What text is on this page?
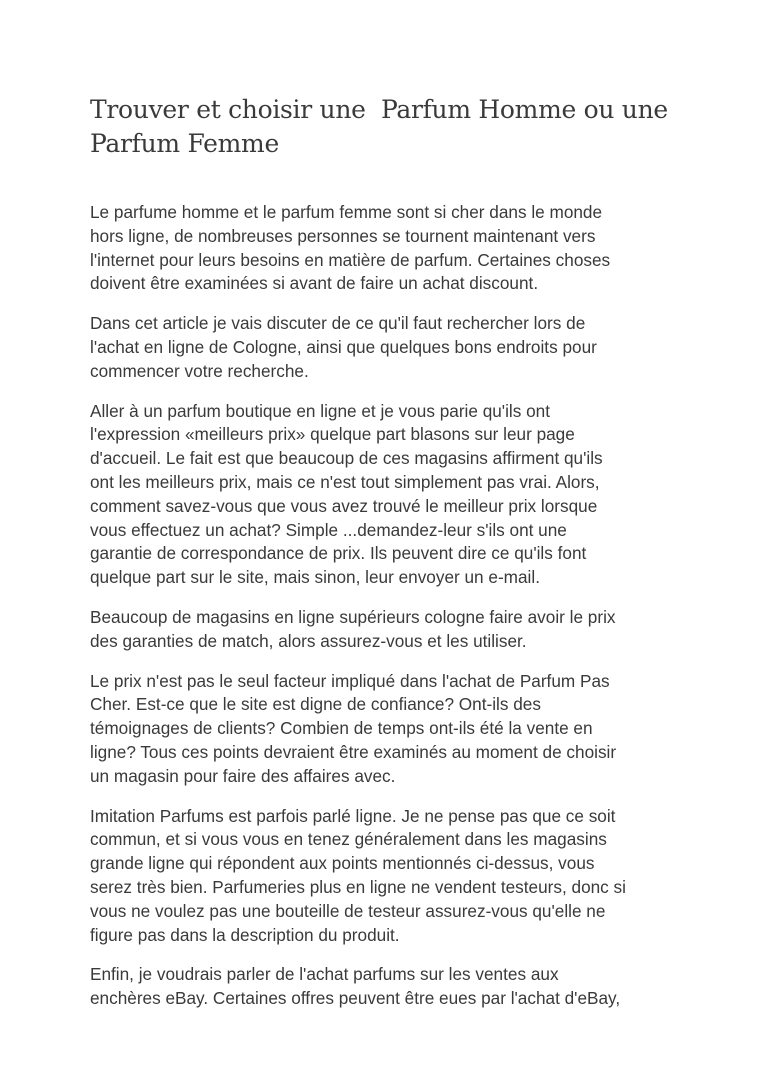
Trouver et choisir une  Parfum Homme ou une
Parfum Femme

Le parfume homme et le parfum femme sont si cher dans le monde
hors ligne, de nombreuses personnes se tournent maintenant vers
l'internet pour leurs besoins en matière de parfum. Certaines choses
doivent être examinées si avant de faire un achat discount.

Dans cet article je vais discuter de ce qu'il faut rechercher lors de
l'achat en ligne de Cologne, ainsi que quelques bons endroits pour
commencer votre recherche.

Aller à un parfum boutique en ligne et je vous parie qu'ils ont
l'expression «meilleurs prix» quelque part blasons sur leur page
d'accueil. Le fait est que beaucoup de ces magasins affirment qu'ils
ont les meilleurs prix, mais ce n'est tout simplement pas vrai. Alors,
comment savez-vous que vous avez trouvé le meilleur prix lorsque
vous effectuez un achat? Simple ...demandez-leur s'ils ont une
garantie de correspondance de prix. Ils peuvent dire ce qu'ils font
quelque part sur le site, mais sinon, leur envoyer un e-mail.

Beaucoup de magasins en ligne supérieurs cologne faire avoir le prix
des garanties de match, alors assurez-vous et les utiliser.

Le prix n'est pas le seul facteur impliqué dans l'achat de Parfum Pas
Cher. Est-ce que le site est digne de confiance? Ont-ils des
témoignages de clients? Combien de temps ont-ils été la vente en
ligne? Tous ces points devraient être examinés au moment de choisir
un magasin pour faire des affaires avec.

Imitation Parfums est parfois parlé ligne. Je ne pense pas que ce soit
commun, et si vous vous en tenez généralement dans les magasins
grande ligne qui répondent aux points mentionnés ci-dessus, vous
serez très bien. Parfumeries plus en ligne ne vendent testeurs, donc si
vous ne voulez pas une bouteille de testeur assurez-vous qu'elle ne
figure pas dans la description du produit.

Enfin, je voudrais parler de l'achat parfums sur les ventes aux
enchères eBay. Certaines offres peuvent être eues par l'achat d'eBay,
